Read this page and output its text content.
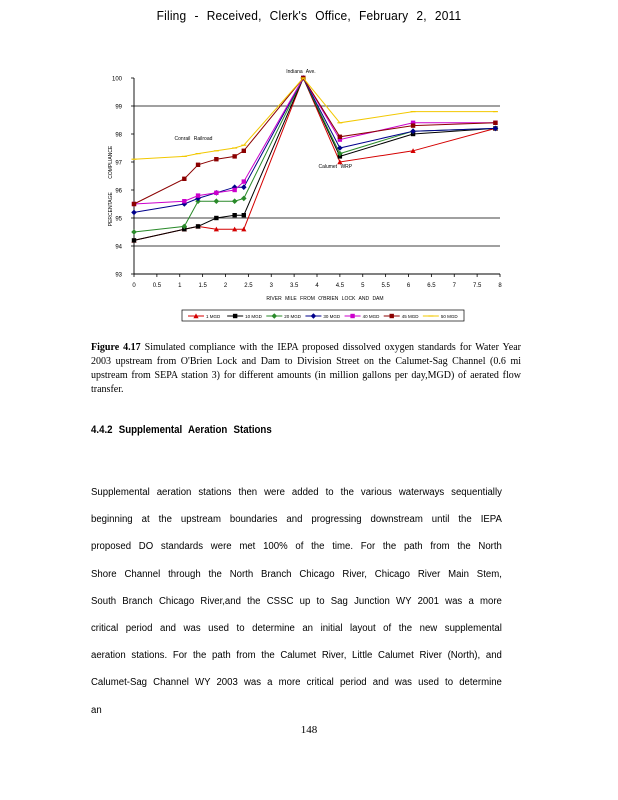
Filing - Received, Clerk's Office, February 2, 2011
93
94
95
96
97
98
99
100
0	0.5	1	1.5	2	2.5	3	3.5	4	4.5	5	5.5	6	6.5	7	7.5	8
Indiana Ave.
Conrail Railroad
Calumet WRP
RIVER MILE FROM O'BRIEN LOCK AND DAM
PERCENTAGE COMPLIANCE
1 MGD	10 MGD	20 MGD	30 MGD	40 MGD	45 MGD	50 MGD
Figure 4.17 Simulated compliance with the IEPA proposed dissolved oxygen standards for Water Year 2003 upstream from O'Brien Lock and Dam to Division Street on the Calumet-Sag Channel (0.6 mi upstream from SEPA station 3) for different amounts (in million gallons per day,MGD) of aerated flow transfer.
4.4.2 Supplemental Aeration Stations
Supplemental aeration stations then were added to the various waterways sequentially beginning at the upstream boundaries and progressing downstream until the IEPA proposed DO standards were met 100% of the time. For the path from the North Shore Channel through the North Branch Chicago River, Chicago River Main Stem, South Branch Chicago River,and the CSSC up to Sag Junction WY 2001 was a more critical period and was used to determine an initial layout of the new supplemental aeration stations. For the path from the Calumet River, Little Calumet River (North), and Calumet-Sag Channel WY 2003 was a more critical period and was used to determine an
148
